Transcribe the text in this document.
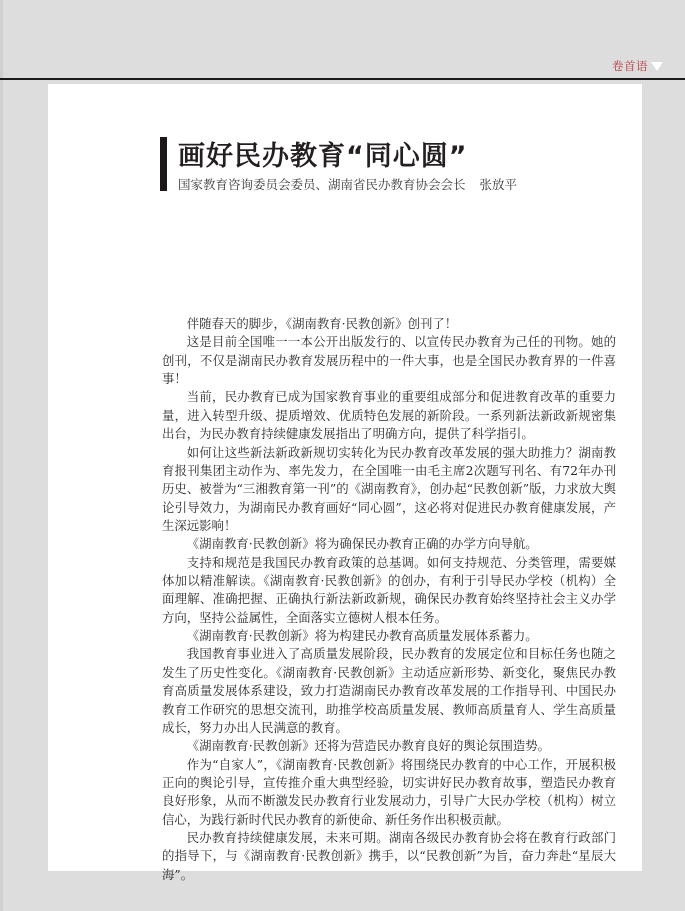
卷首语
画好民办教育“同心圆”

国家教育咨询委员会委员、湖南省民办教育协会会长 张放平

伴随春天的脚步，《湖南教育·民教创新》创刊了！

这是目前全国唯一一本公开出版发行的、以宣传民办教育为己任的刊物。她的创刊，不仅是湖南民办教育发展历程中的一件大事，也是全国民办教育界的一件喜事！

当前，民办教育已成为国家教育事业的重要组成部分和促进教育改革的重要力量，进入转型升级、提质增效、优质特色发展的新阶段。一系列新法新政新规密集出台，为民办教育持续健康发展指出了明确方向，提供了科学指引。

如何让这些新法新政新规切实转化为民办教育改革发展的强大助推力？湖南教育报刊集团主动作为、率先发力，在全国唯一由毛主席2次题写刊名、有72年办刊历史、被誉为“三湘教育第一刊”的《湖南教育》，创办起“民教创新”版，力求放大舆论引导效力，为湖南民办教育画好“同心圆”，这必将对促进民办教育健康发展，产生深远影响！

《湖南教育·民教创新》将为确保民办教育正确的办学方向导航。

支持和规范是我国民办教育政策的总基调。如何支持规范、分类管理，需要媒体加以精准解读。《湖南教育·民教创新》的创办，有利于引导民办学校（机构）全面理解、准确把握、正确执行新法新政新规，确保民办教育始终坚持社会主义办学方向，坚持公益属性，全面落实立德树人根本任务。

《湖南教育·民教创新》将为构建民办教育高质量发展体系蓄力。

我国教育事业进入了高质量发展阶段，民办教育的发展定位和目标任务也随之发生了历史性变化。《湖南教育·民教创新》主动适应新形势、新变化，聚焦民办教育高质量发展体系建设，致力打造湖南民办教育改革发展的工作指导刊、中国民办教育工作研究的思想交流刊，助推学校高质量发展、教师高质量育人、学生高质量成长，努力办出人民满意的教育。

《湖南教育·民教创新》还将为营造民办教育良好的舆论氛围造势。

作为“自家人”，《湖南教育·民教创新》将围绕民办教育的中心工作，开展积极正向的舆论引导，宣传推介重大典型经验，切实讲好民办教育故事，塑造民办教育良好形象，从而不断激发民办教育行业发展动力，引导广大民办学校（机构）树立信心，为践行新时代民办教育的新使命、新任务作出积极贡献。

民办教育持续健康发展，未来可期。湖南各级民办教育协会将在教育行政部门的指导下，与《湖南教育·民教创新》携手，以“民教创新”为旨，奋力奔赴“星辰大海”。
